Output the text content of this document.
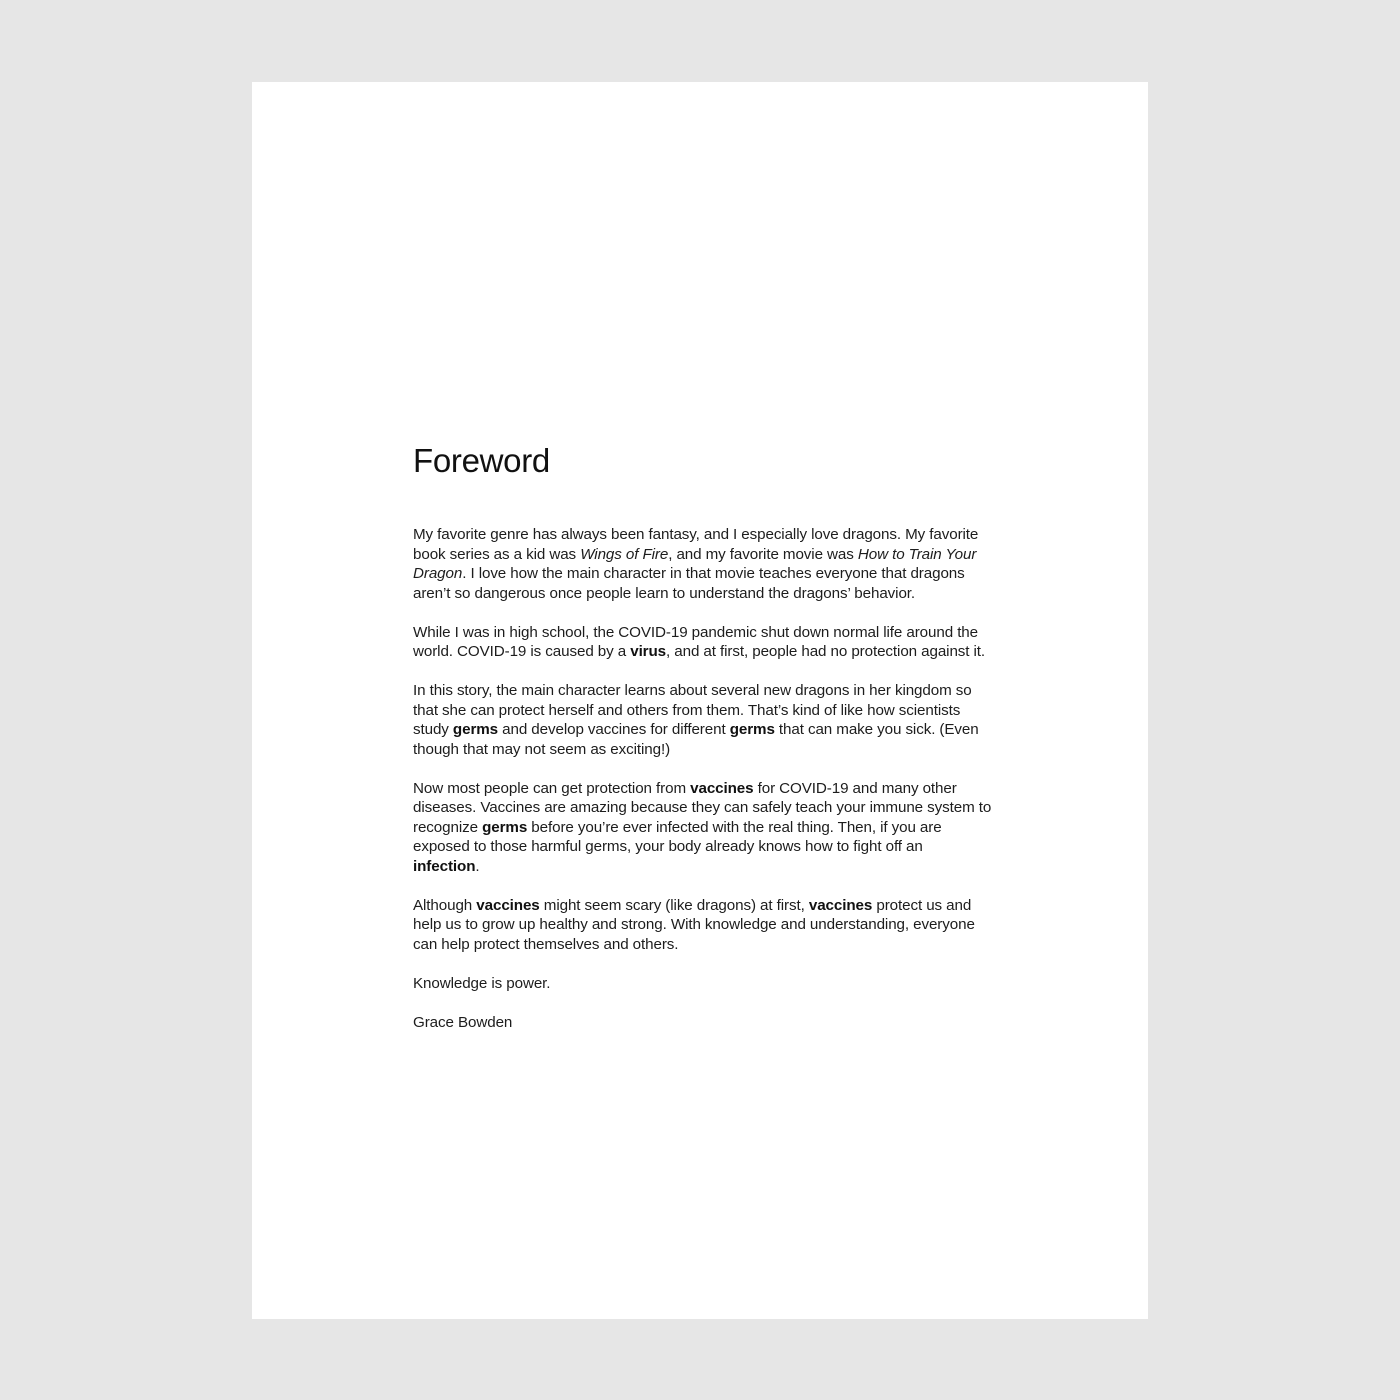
Foreword

My favorite genre has always been fantasy, and I especially love dragons. My favorite book series as a kid was Wings of Fire, and my favorite movie was How to Train Your Dragon. I love how the main character in that movie teaches everyone that dragons aren’t so dangerous once people learn to understand the dragons’ behavior.

While I was in high school, the COVID-19 pandemic shut down normal life around the world. COVID-19 is caused by a virus, and at first, people had no protection against it.

In this story, the main character learns about several new dragons in her kingdom so that she can protect herself and others from them. That’s kind of like how scientists study germs and develop vaccines for different germs that can make you sick. (Even though that may not seem as exciting!)

Now most people can get protection from vaccines for COVID-19 and many other diseases. Vaccines are amazing because they can safely teach your immune system to recognize germs before you’re ever infected with the real thing. Then, if you are exposed to those harmful germs, your body already knows how to fight off an infection.

Although vaccines might seem scary (like dragons) at first, vaccines protect us and help us to grow up healthy and strong. With knowledge and understanding, everyone can help protect themselves and others.

Knowledge is power.

Grace Bowden
